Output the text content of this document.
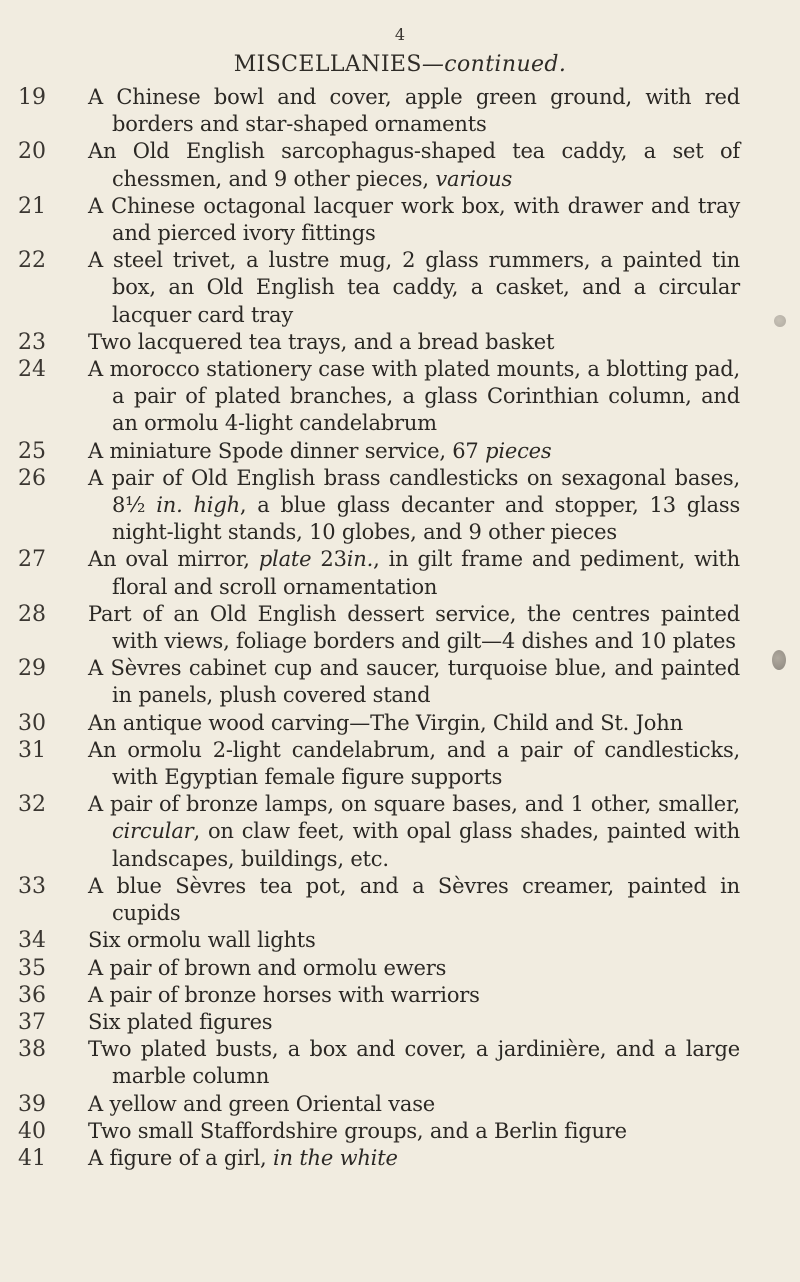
4
MISCELLANIES—continued.
19	A Chinese bowl and cover, apple green ground, with red borders and star-shaped ornaments
20	An Old English sarcophagus-shaped tea caddy, a set of chessmen, and 9 other pieces, various
21	A Chinese octagonal lacquer work box, with drawer and tray and pierced ivory fittings
22	A steel trivet, a lustre mug, 2 glass rummers, a painted tin box, an Old English tea caddy, a casket, and a circular lacquer card tray
23	Two lacquered tea trays, and a bread basket
24	A morocco stationery case with plated mounts, a blotting pad, a pair of plated branches, a glass Corinthian column, and an ormolu 4-light candelabrum
25	A miniature Spode dinner service, 67 pieces
26	A pair of Old English brass candlesticks on sexagonal bases, 8½ in. high, a blue glass decanter and stopper, 13 glass night-light stands, 10 globes, and 9 other pieces
27	An oval mirror, plate 23in., in gilt frame and pediment, with floral and scroll ornamentation
28	Part of an Old English dessert service, the centres painted with views, foliage borders and gilt—4 dishes and 10 plates
29	A Sèvres cabinet cup and saucer, turquoise blue, and painted in panels, plush covered stand
30	An antique wood carving—The Virgin, Child and St. John
31	An ormolu 2-light candelabrum, and a pair of candlesticks, with Egyptian female figure supports
32	A pair of bronze lamps, on square bases, and 1 other, smaller, circular, on claw feet, with opal glass shades, painted with landscapes, buildings, etc.
33	A blue Sèvres tea pot, and a Sèvres creamer, painted in cupids
34	Six ormolu wall lights
35	A pair of brown and ormolu ewers
36	A pair of bronze horses with warriors
37	Six plated figures
38	Two plated busts, a box and cover, a jardinière, and a large marble column
39	A yellow and green Oriental vase
40	Two small Staffordshire groups, and a Berlin figure
41	A figure of a girl, in the white
